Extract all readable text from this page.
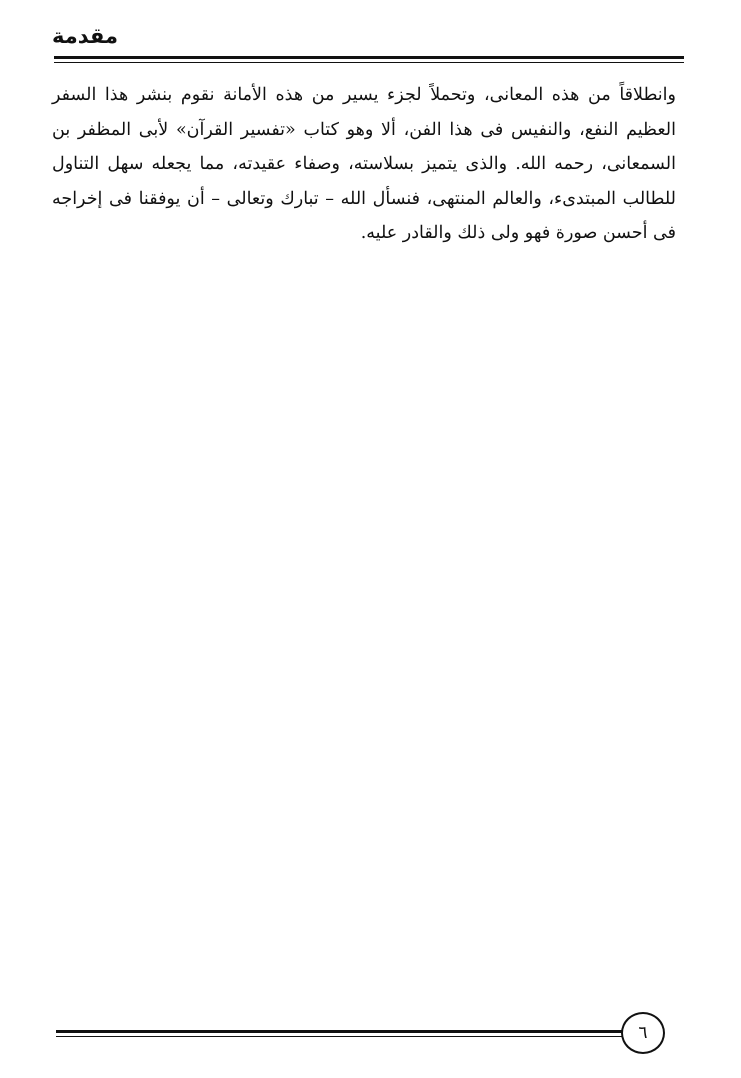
مقدمة

وانطلاقاً من هذه المعانى، وتحملاً لجزء يسير من هذه الأمانة نقوم بنشر هذا السفر العظيم النفع، والنفيس فى هذا الفن، ألا وهو كتاب «تفسير القرآن» لأبى المظفر بن السمعانى، رحمه الله. والذى يتميز بسلاسته، وصفاء عقيدته، مما يجعله سهل التناول للطالب المبتدىء، والعالم المنتهى، فنسأل الله – تبارك وتعالى – أن يوفقنا فى إخراجه فى أحسن صورة فهو ولى ذلك والقادر عليه.

٦
